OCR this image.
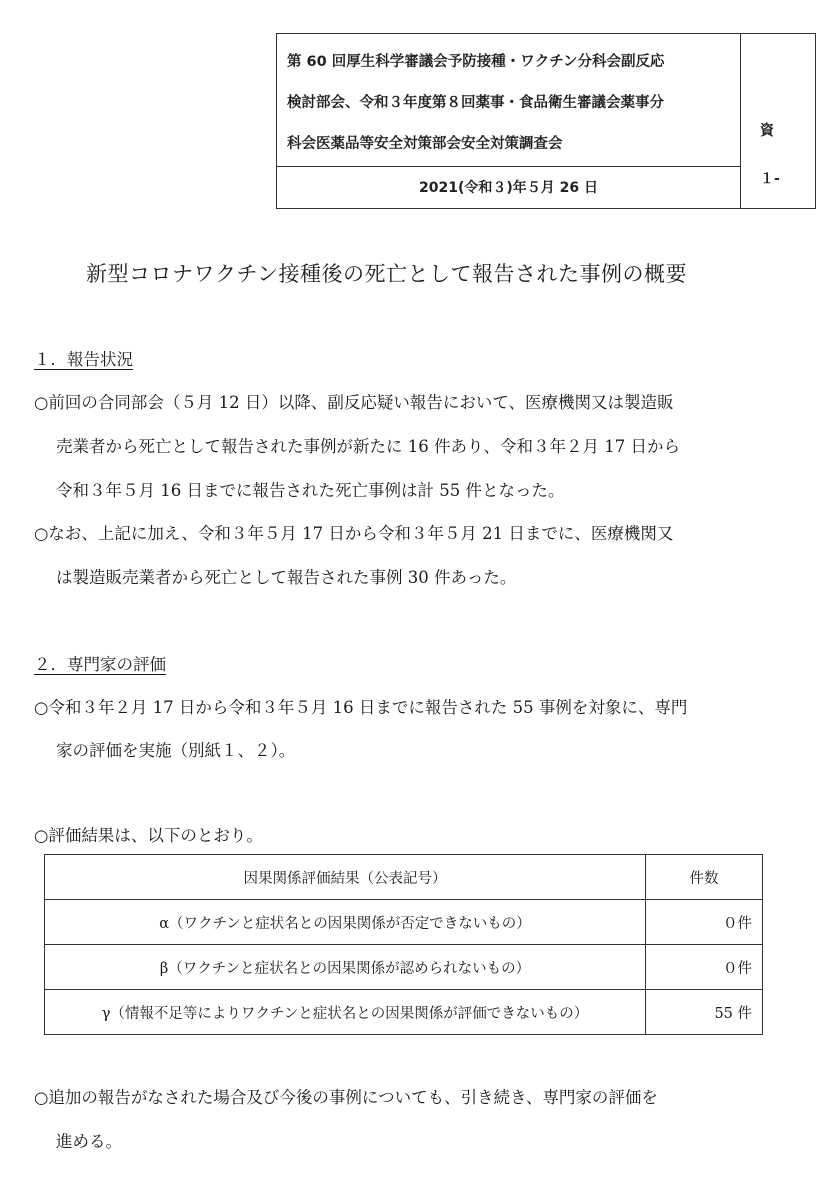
第 60 回厚生科学審議会予防接種・ワクチン分科会副反応
検討部会、令和３年度第８回薬事・食品衛生審議会薬事分
科会医薬品等安全対策部会安全対策調査会
2021(令和３)年５月 26 日
資
１-
新型コロナワクチン接種後の死亡として報告された事例の概要
１．報告状況
○前回の合同部会（５月 12 日）以降、副反応疑い報告において、医療機関又は製造販
売業者から死亡として報告された事例が新たに 16 件あり、令和３年２月 17 日から
令和３年５月 16 日までに報告された死亡事例は計 55 件となった。
○なお、上記に加え、令和３年５月 17 日から令和３年５月 21 日までに、医療機関又
は製造販売業者から死亡として報告された事例 30 件あった。
２．専門家の評価
○令和３年２月 17 日から令和３年５月 16 日までに報告された 55 事例を対象に、専門
家の評価を実施（別紙１、２）。
○評価結果は、以下のとおり。
因果関係評価結果（公表記号）	件数
α（ワクチンと症状名との因果関係が否定できないもの）	０件
β（ワクチンと症状名との因果関係が認められないもの）	０件
γ（情報不足等によりワクチンと症状名との因果関係が評価できないもの）	55 件
○追加の報告がなされた場合及び今後の事例についても、引き続き、専門家の評価を
進める。
